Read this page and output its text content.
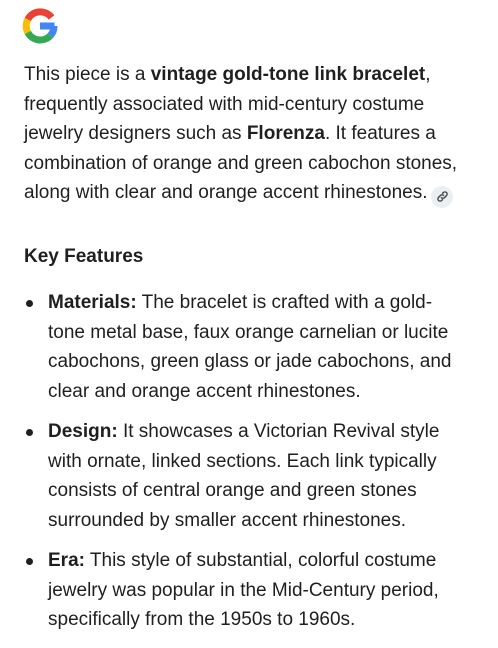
This piece is a vintage gold-tone link bracelet, frequently associated with mid-century costume jewelry designers such as Florenza. It features a combination of orange and green cabochon stones, along with clear and orange accent rhinestones.

Key Features
Materials: The bracelet is crafted with a gold-tone metal base, faux orange carnelian or lucite cabochons, green glass or jade cabochons, and clear and orange accent rhinestones.
Design: It showcases a Victorian Revival style with ornate, linked sections. Each link typically consists of central orange and green stones surrounded by smaller accent rhinestones.
Era: This style of substantial, colorful costume jewelry was popular in the Mid-Century period, specifically from the 1950s to 1960s.
